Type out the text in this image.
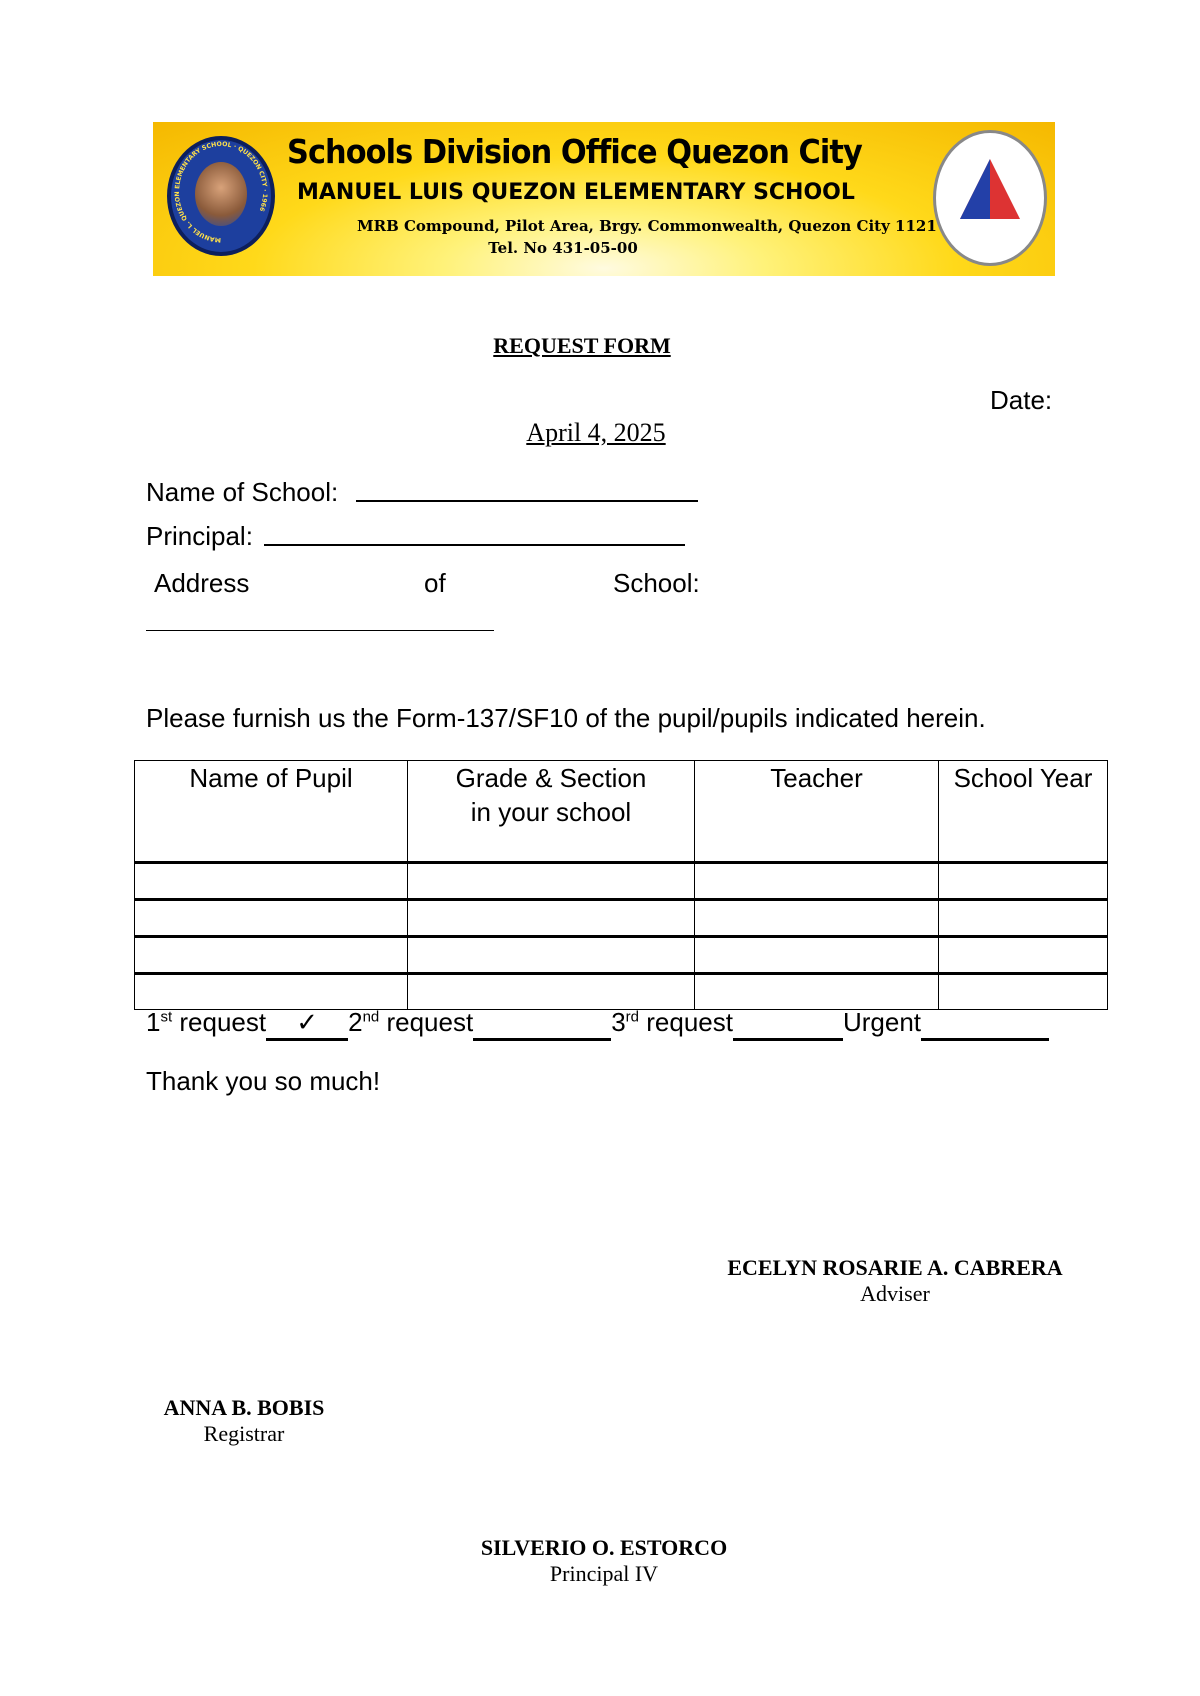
MANUEL L. QUEZON ELEMENTARY SCHOOL · QUEZON CITY · 1966
Schools Division Office Quezon City
MANUEL LUIS QUEZON ELEMENTARY SCHOOL
MRB Compound, Pilot Area, Brgy. Commonwealth, Quezon City 1121
Tel. No 431-05-00
REQUEST FORM
Date:
April 4, 2025
Name of School:
Principal:
Address	of	School:
Please furnish us the Form-137/SF10 of the pupil/pupils indicated herein.
Name of Pupil	Grade & Section in your school	Teacher	School Year

1st request ✓ 2nd request	3rd request	Urgent
Thank you so much!
ECELYN ROSARIE A. CABRERA
Adviser
ANNA B. BOBIS
Registrar
SILVERIO O. ESTORCO
Principal IV
